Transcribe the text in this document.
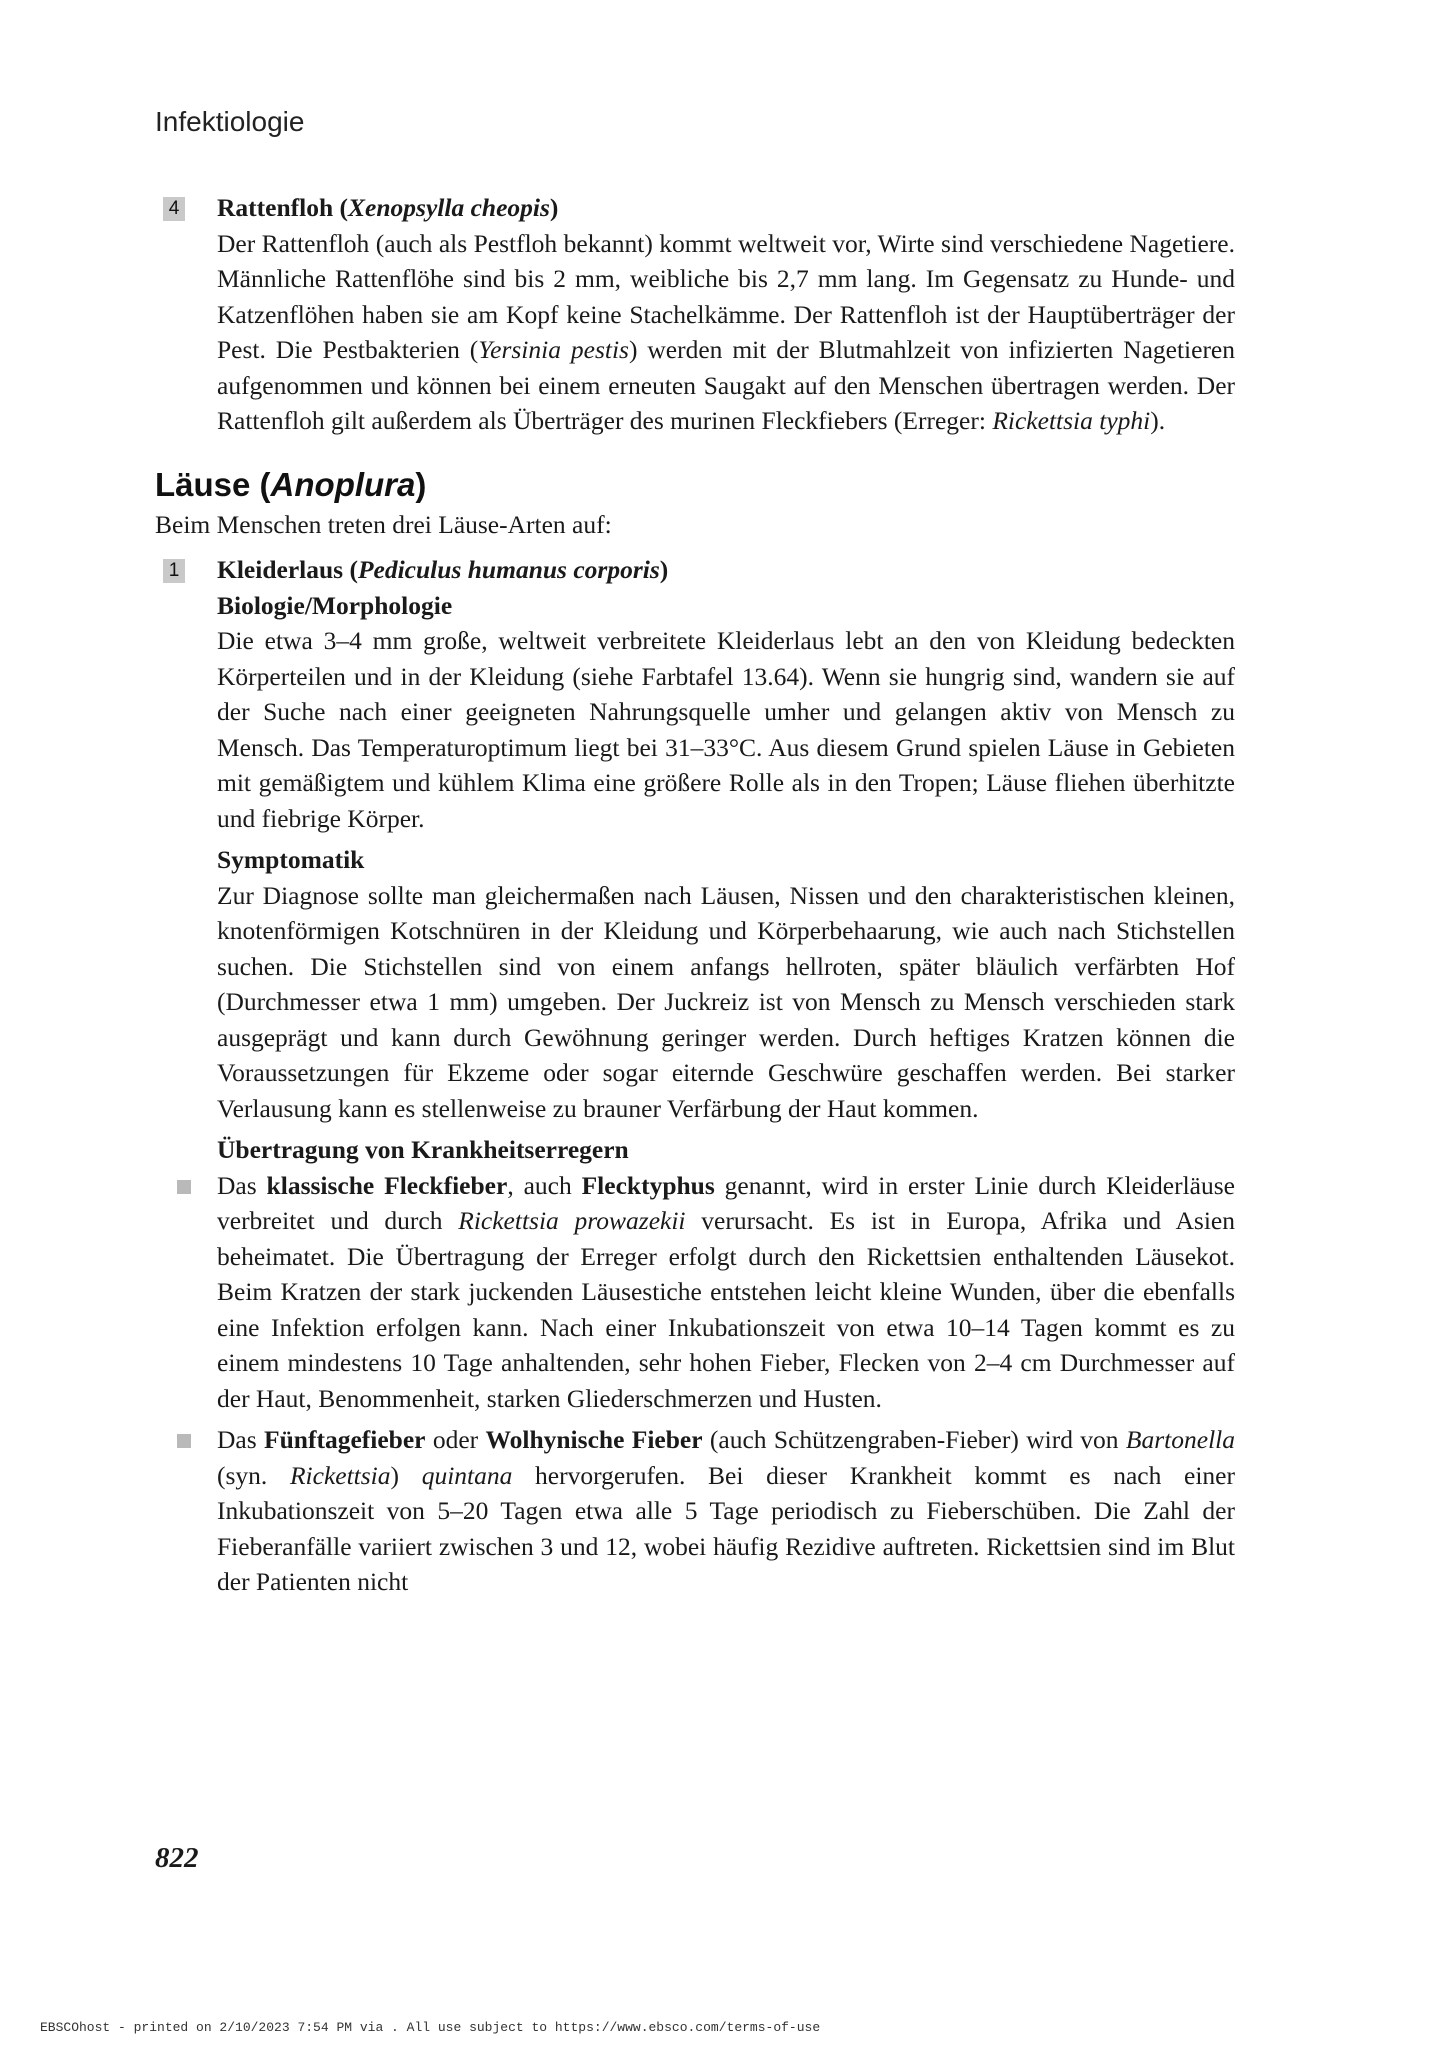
Infektiologie
4 Rattenfloh (Xenopsylla cheopis)

Der Rattenfloh (auch als Pestfloh bekannt) kommt weltweit vor, Wirte sind verschiedene Nagetiere. Männliche Rattenflöhe sind bis 2 mm, weibliche bis 2,7 mm lang. Im Gegensatz zu Hunde- und Katzenflöhen haben sie am Kopf keine Stachelkämme. Der Rattenfloh ist der Hauptüberträger der Pest. Die Pestbakterien (Yersinia pestis) werden mit der Blutmahlzeit von infizierten Nagetieren aufgenommen und können bei einem erneuten Saugakt auf den Menschen übertragen werden. Der Rattenfloh gilt außerdem als Überträger des murinen Fleckfiebers (Erreger: Rickettsia typhi).

Läuse (Anoplura)

Beim Menschen treten drei Läuse-Arten auf:

1 Kleiderlaus (Pediculus humanus corporis)
Biologie/Morphologie

Die etwa 3–4 mm große, weltweit verbreitete Kleiderlaus lebt an den von Kleidung bedeckten Körperteilen und in der Kleidung (siehe Farbtafel 13.64). Wenn sie hungrig sind, wandern sie auf der Suche nach einer geeigneten Nahrungsquelle umher und gelangen aktiv von Mensch zu Mensch. Das Temperaturoptimum liegt bei 31–33°C. Aus diesem Grund spielen Läuse in Gebieten mit gemäßigtem und kühlem Klima eine größere Rolle als in den Tropen; Läuse fliehen überhitzte und fiebrige Körper.

Symptomatik

Zur Diagnose sollte man gleichermaßen nach Läusen, Nissen und den charakteristischen kleinen, knotenförmigen Kotschnüren in der Kleidung und Körperbehaarung, wie auch nach Stichstellen suchen. Die Stichstellen sind von einem anfangs hellroten, später bläulich verfärbten Hof (Durchmesser etwa 1 mm) umgeben. Der Juckreiz ist von Mensch zu Mensch verschieden stark ausgeprägt und kann durch Gewöhnung geringer werden. Durch heftiges Kratzen können die Voraussetzungen für Ekzeme oder sogar eiternde Geschwüre geschaffen werden. Bei starker Verlausung kann es stellenweise zu brauner Verfärbung der Haut kommen.

Übertragung von Krankheitserregern
Das klassische Fleckfieber, auch Flecktyphus genannt, wird in erster Linie durch Kleiderläuse verbreitet und durch Rickettsia prowazekii verursacht. Es ist in Europa, Afrika und Asien beheimatet. Die Übertragung der Erreger erfolgt durch den Rickettsien enthaltenden Läusekot. Beim Kratzen der stark juckenden Läusestiche entstehen leicht kleine Wunden, über die ebenfalls eine Infektion erfolgen kann. Nach einer Inkubationszeit von etwa 10–14 Tagen kommt es zu einem mindestens 10 Tage anhaltenden, sehr hohen Fieber, Flecken von 2–4 cm Durchmesser auf der Haut, Benommenheit, starken Gliederschmerzen und Husten.
Das Fünftagefieber oder Wolhynische Fieber (auch Schützengraben-Fieber) wird von Bartonella (syn. Rickettsia) quintana hervorgerufen. Bei dieser Krankheit kommt es nach einer Inkubationszeit von 5–20 Tagen etwa alle 5 Tage periodisch zu Fieberschüben. Die Zahl der Fieberanfälle variiert zwischen 3 und 12, wobei häufig Rezidive auftreten. Rickettsien sind im Blut der Patienten nicht
822
EBSCOhost - printed on 2/10/2023 7:54 PM via . All use subject to https://www.ebsco.com/terms-of-use
